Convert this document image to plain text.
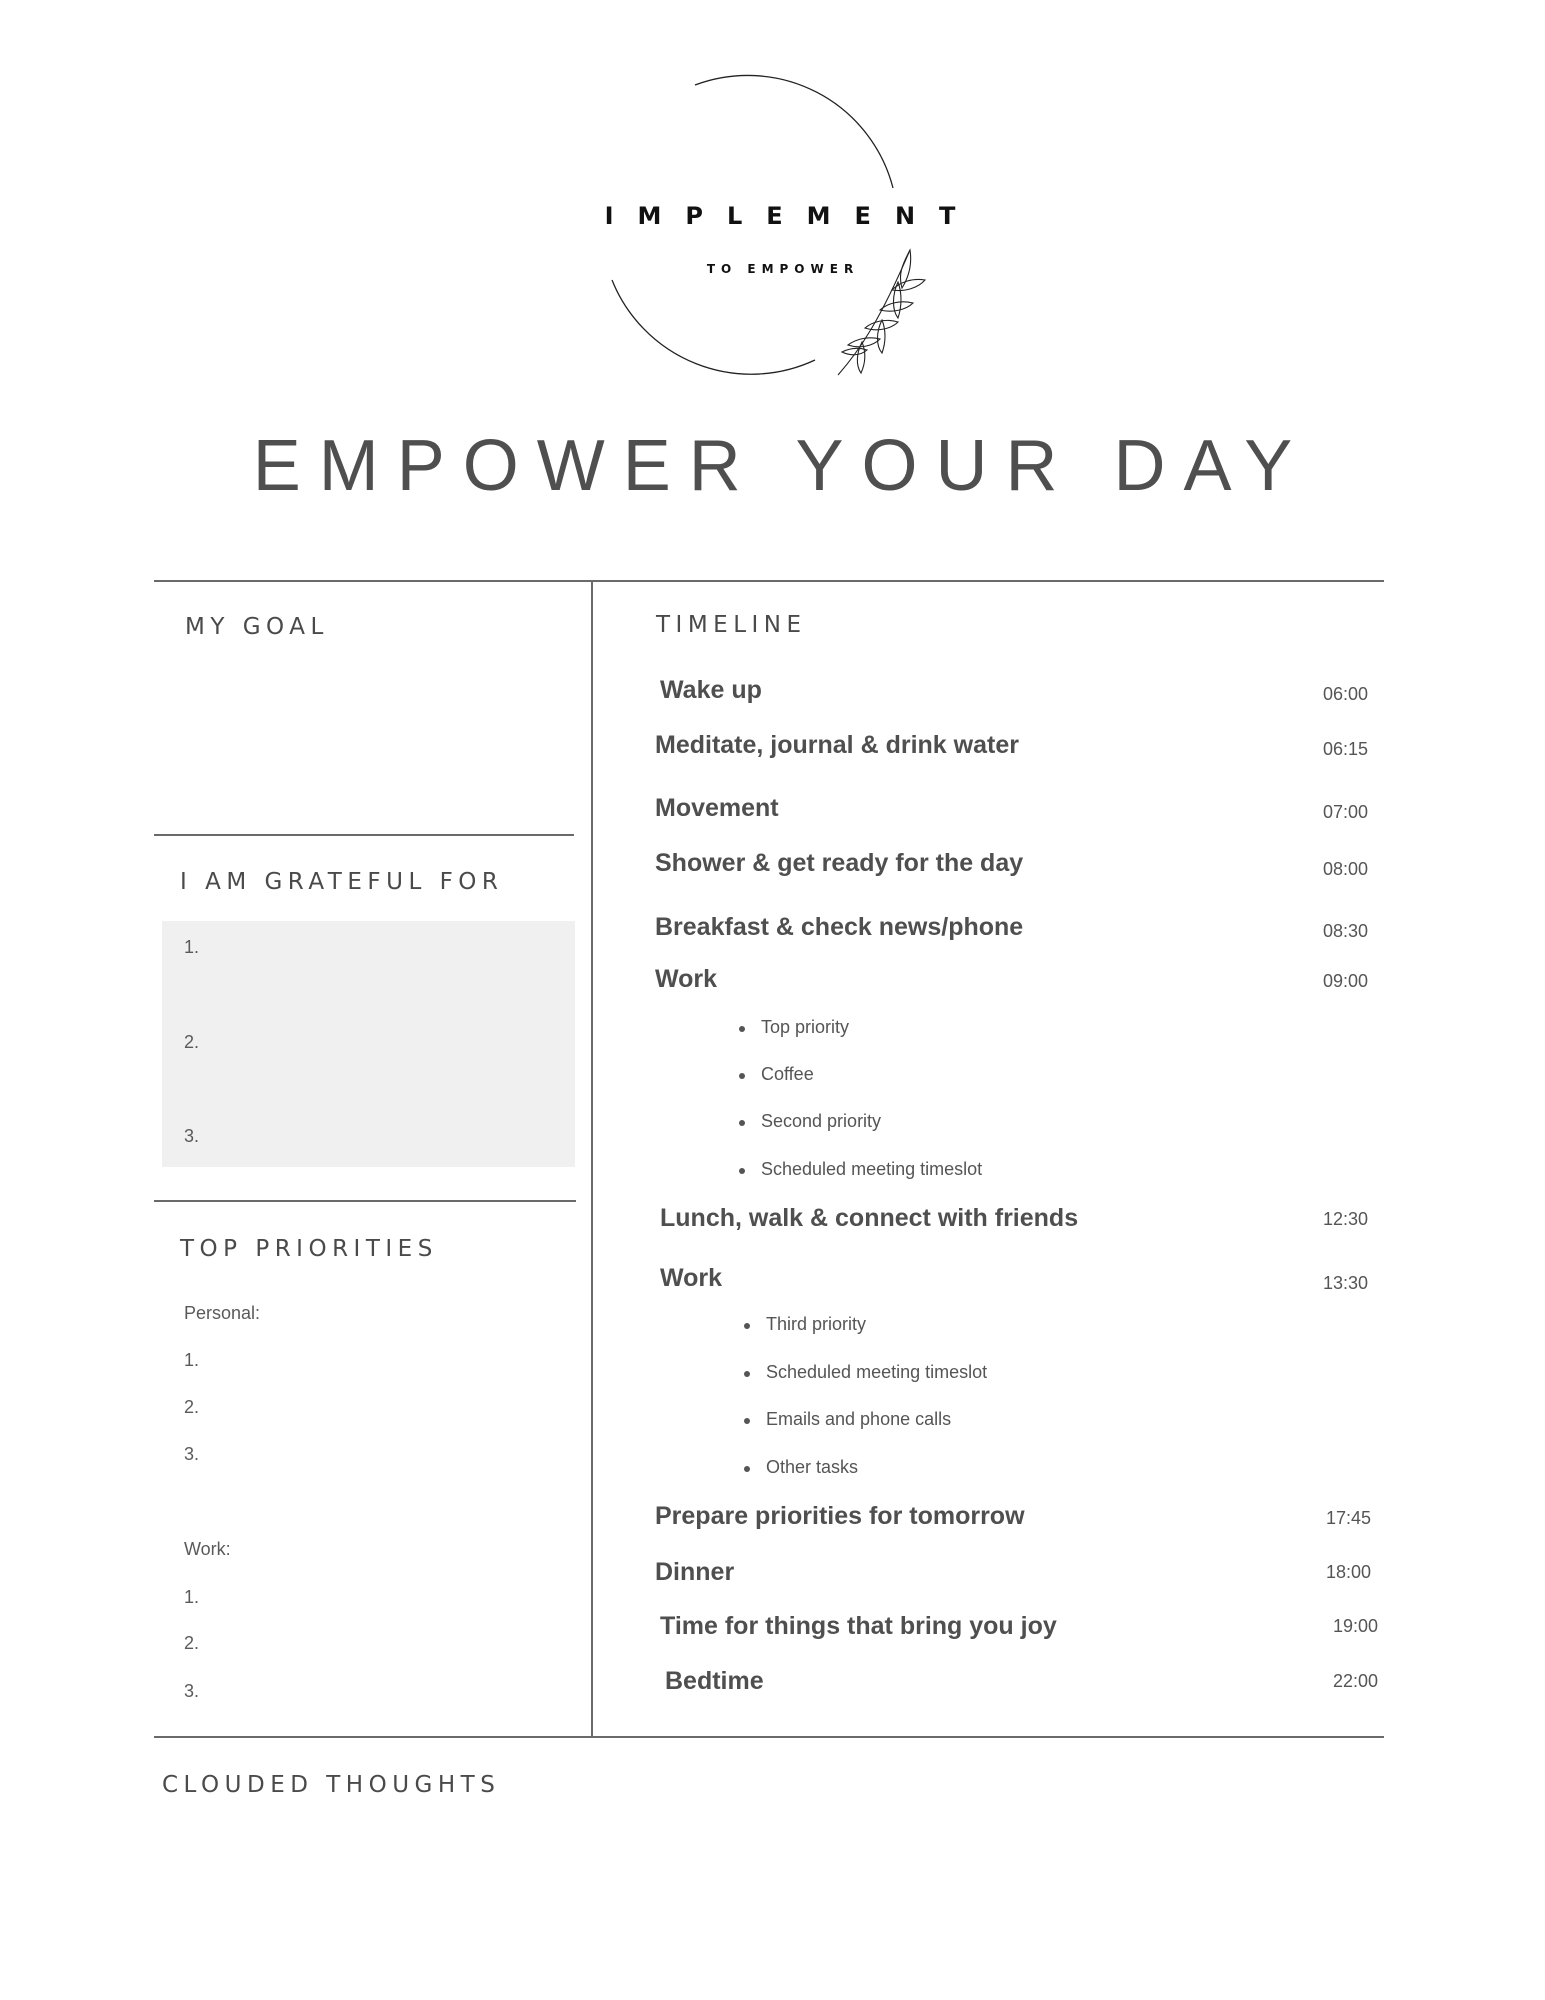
IMPLEMENT
TO EMPOWER
EMPOWER YOUR DAY
MY GOAL
I AM GRATEFUL FOR
1.
2.
3.
TOP PRIORITIES
Personal:
1.
2.
3.
Work:
1.
2.
3.
TIMELINE
Wake up	06:00
Meditate, journal & drink water	06:15
Movement	07:00
Shower & get ready for the day	08:00
Breakfast & check news/phone	08:30
Work	09:00
Top priority
Coffee
Second priority
Scheduled meeting timeslot
Lunch, walk & connect with friends	12:30
Work	13:30
Third priority
Scheduled meeting timeslot
Emails and phone calls
Other tasks
Prepare priorities for tomorrow	17:45
Dinner	18:00
Time for things that bring you joy	19:00
Bedtime	22:00
CLOUDED THOUGHTS
